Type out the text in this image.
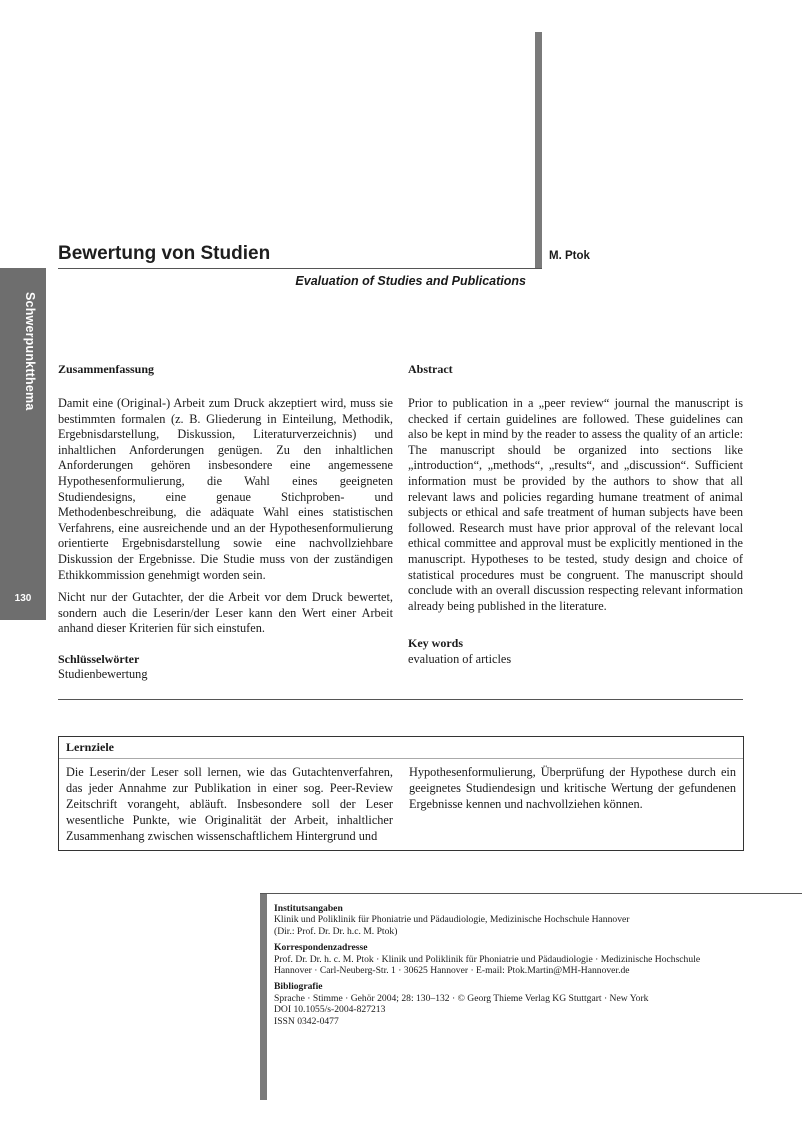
Bewertung von Studien	M. Ptok
Evaluation of Studies and Publications
Schwerpunktthema
130
Zusammenfassung
Damit eine (Original-) Arbeit zum Druck akzeptiert wird, muss sie bestimmten formalen (z. B. Gliederung in Einteilung, Methodik, Ergebnisdarstellung, Diskussion, Literaturverzeichnis) und inhaltlichen Anforderungen genügen. Zu den inhaltlichen Anforderungen gehören insbesondere eine angemessene Hypothesenformulierung, die Wahl eines geeigneten Studiendesigns, eine genaue Stichproben- und Methodenbeschreibung, die adäquate Wahl eines statistischen Verfahrens, eine ausreichende und an der Hypothesenformulierung orientierte Ergebnisdarstellung sowie eine nachvollziehbare Diskussion der Ergebnisse. Die Studie muss von der zuständigen Ethikkommission genehmigt worden sein.
Nicht nur der Gutachter, der die Arbeit vor dem Druck bewertet, sondern auch die Leserin/der Leser kann den Wert einer Arbeit anhand dieser Kriterien für sich einstufen.
Schlüsselwörter
Studienbewertung
Abstract
Prior to publication in a „peer review“ journal the manuscript is checked if certain guidelines are followed. These guidelines can also be kept in mind by the reader to assess the quality of an article: The manuscript should be organized into sections like „introduction“, „methods“, „results“, and „discussion“. Sufficient information must be provided by the authors to show that all relevant laws and policies regarding humane treatment of animal subjects or ethical and safe treatment of human subjects have been followed. Research must have prior approval of the relevant local ethical committee and approval must be explicitly mentioned in the manuscript. Hypotheses to be tested, study design and choice of statistical procedures must be congruent. The manuscript should conclude with an overall discussion respecting relevant information already being published in the literature.
Key words
evaluation of articles
Lernziele
Die Leserin/der Leser soll lernen, wie das Gutachtenverfahren, das jeder Annahme zur Publikation in einer sog. Peer-Review Zeitschrift vorangeht, abläuft. Insbesondere soll der Leser wesentliche Punkte, wie Originalität der Arbeit, inhaltlicher Zusammenhang zwischen wissenschaftlichem Hintergrund und
Hypothesenformulierung, Überprüfung der Hypothese durch ein geeignetes Studiendesign und kritische Wertung der gefundenen Ergebnisse kennen und nachvollziehen können.
Institutsangaben
Klinik und Poliklinik für Phoniatrie und Pädaudiologie, Medizinische Hochschule Hannover
(Dir.: Prof. Dr. Dr. h.c. M. Ptok)
Korrespondenzadresse
Prof. Dr. Dr. h. c. M. Ptok · Klinik und Poliklinik für Phoniatrie und Pädaudiologie · Medizinische Hochschule
Hannover · Carl-Neuberg-Str. 1 · 30625 Hannover · E-mail: Ptok.Martin@MH-Hannover.de
Bibliografie
Sprache · Stimme · Gehör 2004; 28: 130–132 · © Georg Thieme Verlag KG Stuttgart · New York
DOI 10.1055/s-2004-827213
ISSN 0342-0477
